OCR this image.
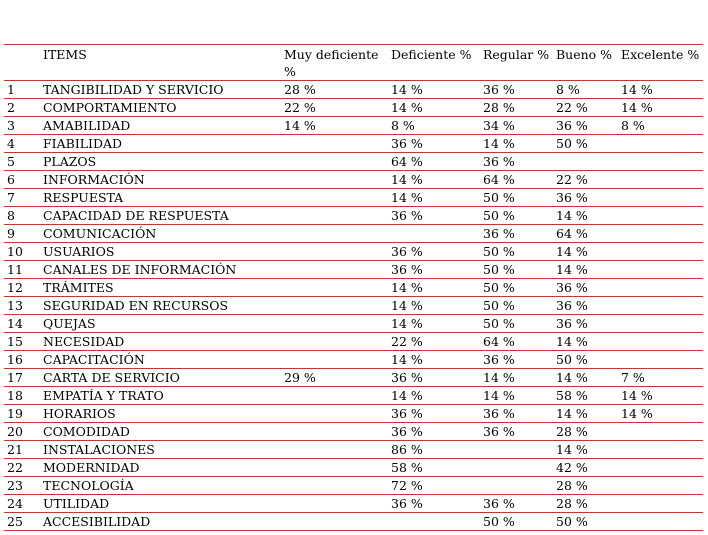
	ITEMS	Muy deficiente %	Deficiente %	Regular %	Bueno %	Excelente %
1	TANGIBILIDAD Y SERVICIO	28 %	14 %	36 %	8 %	14 %
2	COMPORTAMIENTO	22 %	14 %	28 %	22 %	14 %
3	AMABILIDAD	14 %	8 %	34 %	36 %	8 %
4	FIABILIDAD		36 %	14 %	50 %	
5	PLAZOS		64 %	36 %		
6	INFORMACIÓN		14 %	64 %	22 %	
7	RESPUESTA		14 %	50 %	36 %	
8	CAPACIDAD DE RESPUESTA		36 %	50 %	14 %	
9	COMUNICACIÓN			36 %	64 %	
10	USUARIOS		36 %	50 %	14 %	
11	CANALES DE INFORMACIÓN		36 %	50 %	14 %	
12	TRÁMITES		14 %	50 %	36 %	
13	SEGURIDAD EN RECURSOS		14 %	50 %	36 %	
14	QUEJAS		14 %	50 %	36 %	
15	NECESIDAD		22 %	64 %	14 %	
16	CAPACITACIÓN		14 %	36 %	50 %	
17	CARTA DE SERVICIO	29 %	36 %	14 %	14 %	7 %
18	EMPATÍA Y TRATO		14 %	14 %	58 %	14 %
19	HORARIOS		36 %	36 %	14 %	14 %
20	COMODIDAD		36 %	36 %	28 %	
21	INSTALACIONES		86 %		14 %	
22	MODERNIDAD		58 %		42 %	
23	TECNOLOGÍA		72 %		28 %	
24	UTILIDAD		36 %	36 %	28 %	
25	ACCESIBILIDAD			50 %	50 %	
